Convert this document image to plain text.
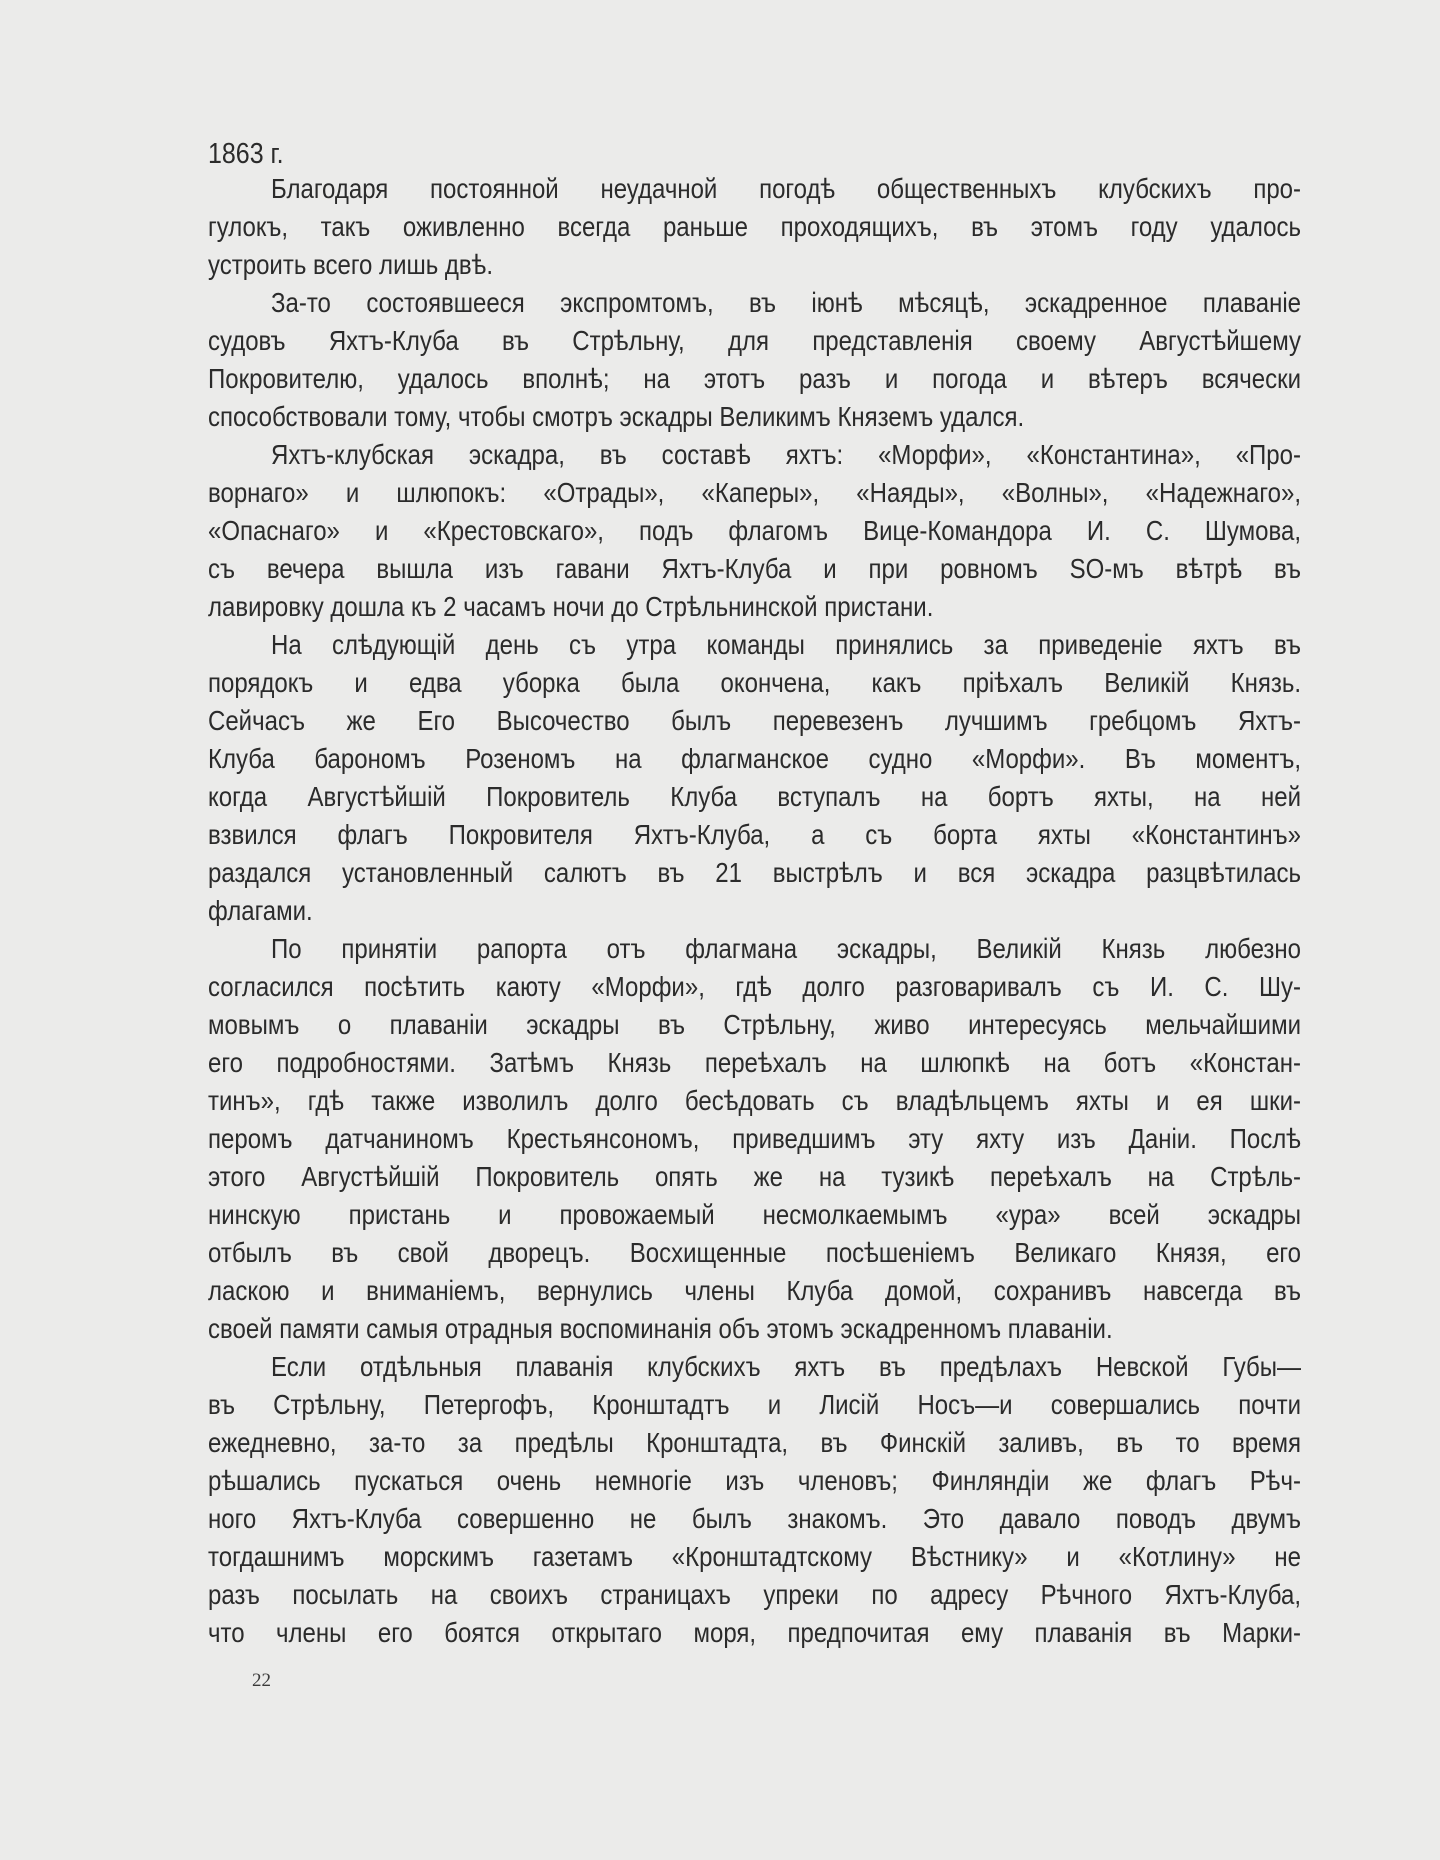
1863 г.
Благодаря постоянной неудачной погодѣ общественныхъ клубскихъ про-
гулокъ, такъ оживленно всегда раньше проходящихъ, въ этомъ году удалось
устроить всего лишь двѣ.
За-то состоявшееся экспромтомъ, въ іюнѣ мѣсяцѣ, эскадренное плаваніе
судовъ Яхтъ-Клуба въ Стрѣльну, для представленія своему Августѣйшему
Покровителю, удалось вполнѣ; на этотъ разъ и погода и вѣтеръ всячески
способствовали тому, чтобы смотръ эскадры Великимъ Княземъ удался.
Яхтъ-клубская эскадра, въ составѣ яхтъ: «Морфи», «Константина», «Про-
ворнаго» и шлюпокъ: «Отрады», «Каперы», «Наяды», «Волны», «Надежнаго»,
«Опаснаго» и «Крестовскаго», подъ флагомъ Вице-Командора И. С. Шумова,
съ вечера вышла изъ гавани Яхтъ-Клуба и при ровномъ SO-мъ вѣтрѣ въ
лавировку дошла къ 2 часамъ ночи до Стрѣльнинской пристани.
На слѣдующій день съ утра команды принялись за приведеніе яхтъ въ
порядокъ и едва уборка была окончена, какъ пріѣхалъ Великій Князь.
Сейчасъ же Его Высочество былъ перевезенъ лучшимъ гребцомъ Яхтъ-
Клуба барономъ Розеномъ на флагманское судно «Морфи». Въ моментъ,
когда Августѣйшій Покровитель Клуба вступалъ на бортъ яхты, на ней
взвился флагъ Покровителя Яхтъ-Клуба, а съ борта яхты «Константинъ»
раздался установленный салютъ въ 21 выстрѣлъ и вся эскадра разцвѣтилась
флагами.
По принятіи рапорта отъ флагмана эскадры, Великій Князь любезно
согласился посѣтить каюту «Морфи», гдѣ долго разговаривалъ съ И. С. Шу-
мовымъ о плаваніи эскадры въ Стрѣльну, живо интересуясь мельчайшими
его подробностями. Затѣмъ Князь переѣхалъ на шлюпкѣ на ботъ «Констан-
тинъ», гдѣ также изволилъ долго бесѣдовать съ владѣльцемъ яхты и ея шки-
перомъ датчаниномъ Крестьянсономъ, приведшимъ эту яхту изъ Даніи. Послѣ
этого Августѣйшій Покровитель опять же на тузикѣ переѣхалъ на Стрѣль-
нинскую пристань и провожаемый несмолкаемымъ «ура» всей эскадры
отбылъ въ свой дворецъ. Восхищенные посѣшеніемъ Великаго Князя, его
ласкою и вниманіемъ, вернулись члены Клуба домой, сохранивъ навсегда въ
своей памяти самыя отрадныя воспоминанія объ этомъ эскадренномъ плаваніи.
Если отдѣльныя плаванія клубскихъ яхтъ въ предѣлахъ Невской Губы—
въ Стрѣльну, Петергофъ, Кронштадтъ и Лисій Носъ—и совершались почти
ежедневно, за-то за предѣлы Кронштадта, въ Финскій заливъ, въ то время
рѣшались пускаться очень немногіе изъ членовъ; Финляндіи же флагъ Рѣч-
ного Яхтъ-Клуба совершенно не былъ знакомъ. Это давало поводъ двумъ
тогдашнимъ морскимъ газетамъ «Кронштадтскому Вѣстнику» и «Котлину» не
разъ посылать на своихъ страницахъ упреки по адресу Рѣчного Яхтъ-Клуба,
что члены его боятся открытаго моря, предпочитая ему плаванія въ Марки-
22
